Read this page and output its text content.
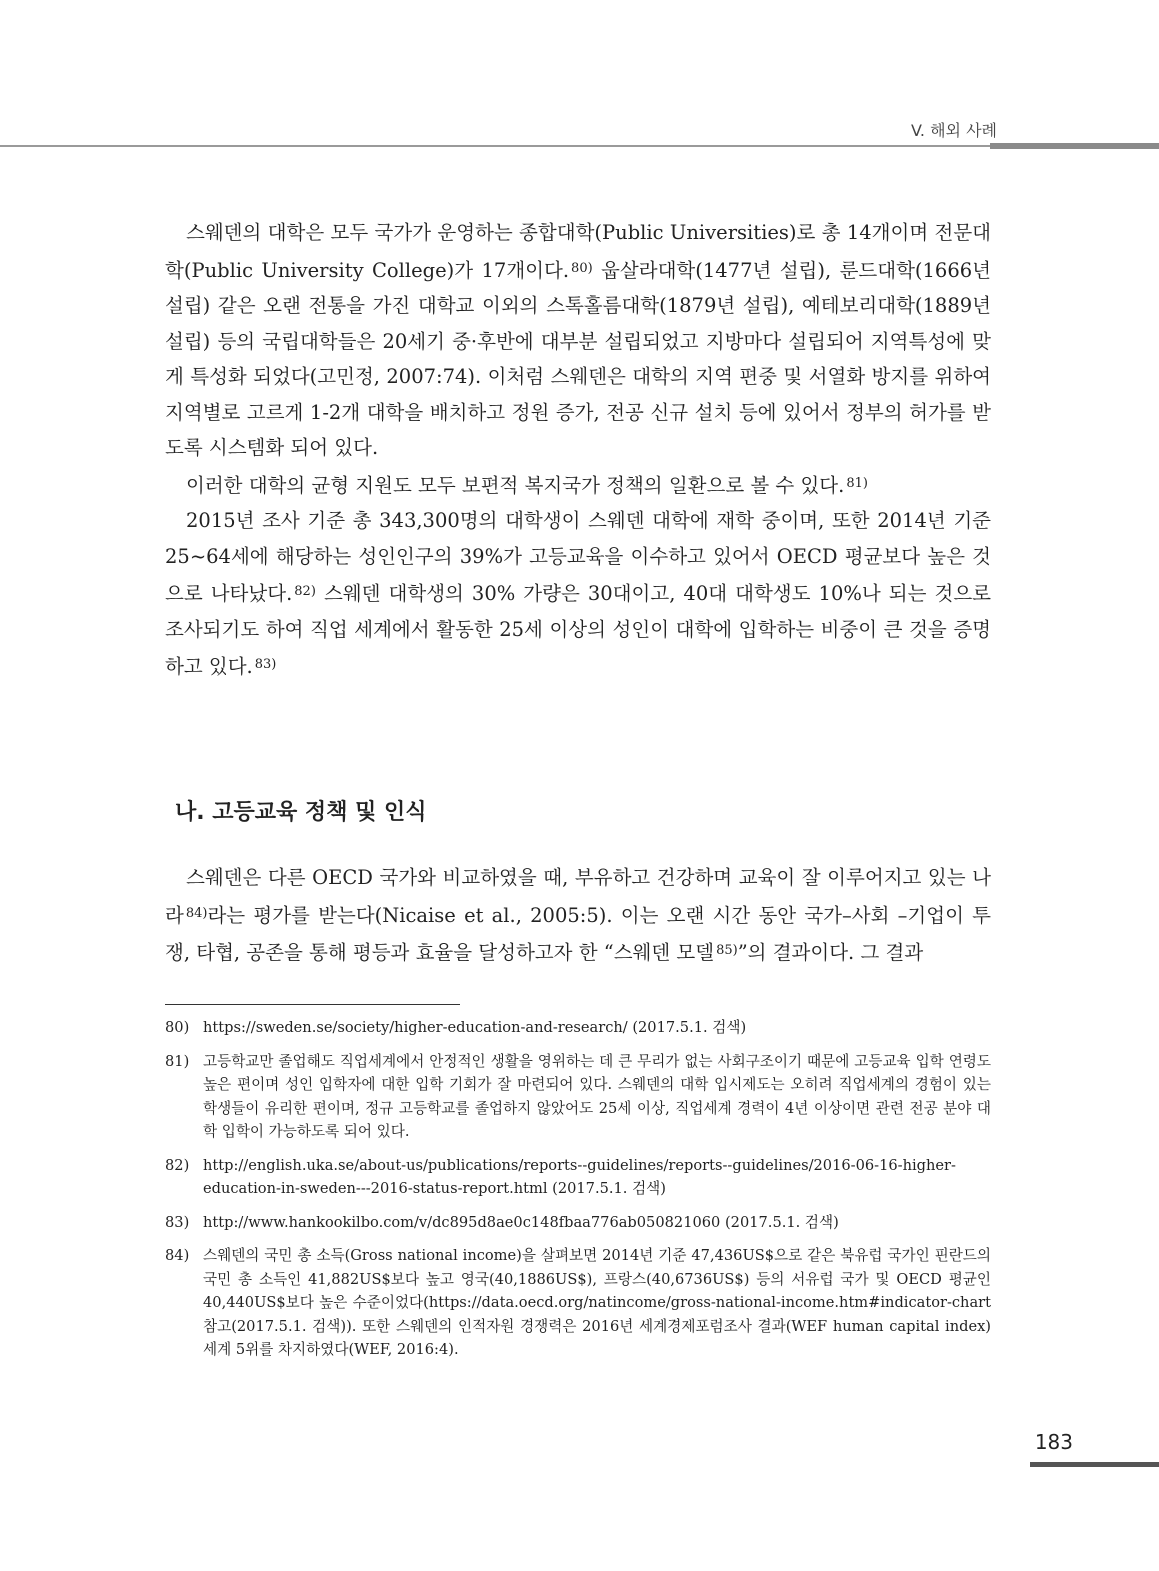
V. 해외 사례

스웨덴의 대학은 모두 국가가 운영하는 종합대학(Public Universities)로 총 14개이며 전문대학(Public University College)가 17개이다. $^{80)}$ 웁살라대학(1477년 설립), 룬드대학(1666년 설립) 같은 오랜 전통을 가진 대학교 이외의 스톡홀름대학(1879년 설립), 예테보리대학(1889년 설립) 등의 국립대학들은 20세기 중·후반에 대부분 설립되었고 지방마다 설립되어 지역특성에 맞게 특성화 되었다(고민정, 2007:74). 이처럼 스웨덴은 대학의 지역 편중 및 서열화 방지를 위하여 지역별로 고르게 1-2개 대학을 배치하고 정원 증가, 전공 신규 설치 등에 있어서 정부의 허가를 받도록 시스템화 되어 있다.

이러한 대학의 균형 지원도 모두 보편적 복지국가 정책의 일환으로 볼 수 있다. $^{81)}$

2015년 조사 기준 총 343,300명의 대학생이 스웨덴 대학에 재학 중이며, 또한 2014년 기준 25~64세에 해당하는 성인인구의 39%가 고등교육을 이수하고 있어서 OECD 평균보다 높은 것으로 나타났다. $^{82)}$ 스웨덴 대학생의 30% 가량은 30대이고, 40대 대학생도 10%나 되는 것으로 조사되기도 하여 직업 세계에서 활동한 25세 이상의 성인이 대학에 입학하는 비중이 큰 것을 증명하고 있다. $^{83)}$

나. 고등교육 정책 및 인식

스웨덴은 다른 OECD 국가와 비교하였을 때, 부유하고 건강하며 교육이 잘 이루어지고 있는 나라 $^{84)}$라는 평가를 받는다(Nicaise et al., 2005:5). 이는 오랜 시간 동안 국가–사회 –기업이 투쟁, 타협, 공존을 통해 평등과 효율을 달성하고자 한 “스웨덴 모델 $^{85)}$”의 결과이다. 그 결과

80) https://sweden.se/society/higher-education-and-research/ (2017.5.1. 검색)
81) 고등학교만 졸업해도 직업세계에서 안정적인 생활을 영위하는 데 큰 무리가 없는 사회구조이기 때문에 고등교육 입학 연령도 높은 편이며 성인 입학자에 대한 입학 기회가 잘 마련되어 있다. 스웨덴의 대학 입시제도는 오히려 직업세계의 경험이 있는 학생들이 유리한 편이며, 정규 고등학교를 졸업하지 않았어도 25세 이상, 직업세계 경력이 4년 이상이면 관련 전공 분야 대학 입학이 가능하도록 되어 있다.
82) http://english.uka.se/about-us/publications/reports--guidelines/reports--guidelines/2016-06-16-higher-education-in-sweden---2016-status-report.html (2017.5.1. 검색)
83) http://www.hankookilbo.com/v/dc895d8ae0c148fbaa776ab050821060 (2017.5.1. 검색)
84) 스웨덴의 국민 총 소득(Gross national income)을 살펴보면 2014년 기준 47,436US$으로 같은 북유럽 국가인 핀란드의 국민 총 소득인 41,882US$보다 높고 영국(40,1886US$), 프랑스(40,6736US$) 등의 서유럽 국가 및 OECD 평균인 40,440US$보다 높은 수준이었다(https://data.oecd.org/natincome/gross-national-income.htm#indicator-chart 참고(2017.5.1. 검색)). 또한 스웨덴의 인적자원 경쟁력은 2016년 세계경제포럼조사 결과(WEF human capital index) 세계 5위를 차지하였다(WEF, 2016:4).
183
